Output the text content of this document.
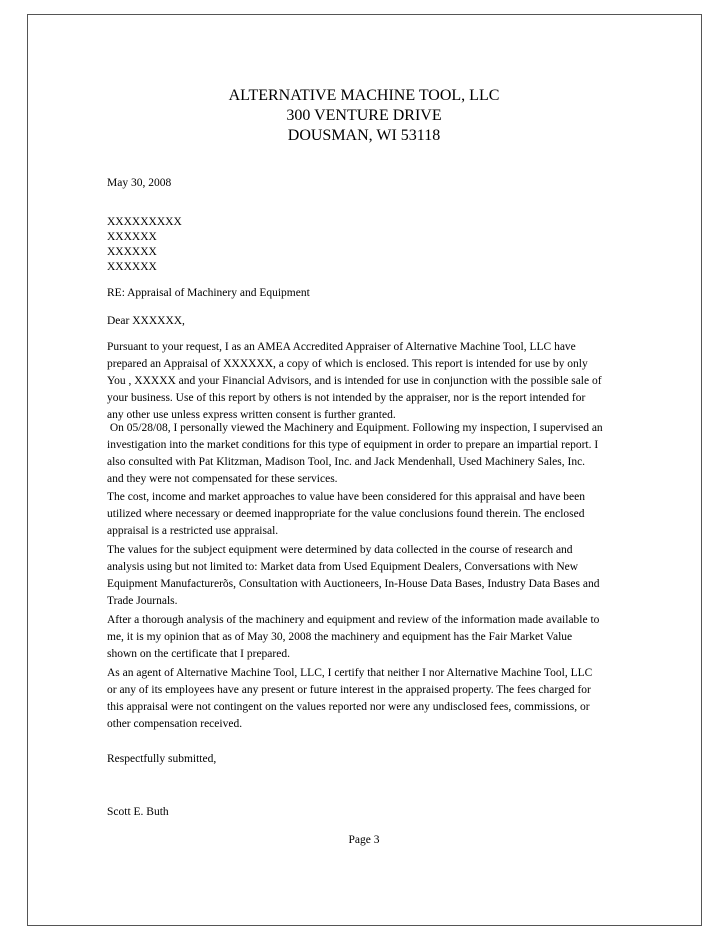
ALTERNATIVE MACHINE TOOL, LLC
300 VENTURE DRIVE
DOUSMAN, WI 53118
May 30, 2008
XXXXXXXXX
XXXXXX
XXXXXX
XXXXXX
RE: Appraisal of Machinery and Equipment
Dear XXXXXX,
Pursuant to your request, I as an AMEA Accredited Appraiser of Alternative Machine Tool, LLC have
prepared an Appraisal of XXXXXX, a copy of which is enclosed. This report is intended for use by only
You , XXXXX and your Financial Advisors, and is intended for use in conjunction with the possible sale of
your business. Use of this report by others is not intended by the appraiser, nor is the report intended for
any other use unless express written consent is further granted.
On 05/28/08, I personally viewed the Machinery and Equipment. Following my inspection, I supervised an
investigation into the market conditions for this type of equipment in order to prepare an impartial report. I
also consulted with Pat Klitzman, Madison Tool, Inc. and Jack Mendenhall, Used Machinery Sales, Inc.
and they were not compensated for these services.
The cost, income and market approaches to value have been considered for this appraisal and have been
utilized where necessary or deemed inappropriate for the value conclusions found therein. The enclosed
appraisal is a restricted use appraisal.
The values for the subject equipment were determined by data collected in the course of research and
analysis using but not limited to: Market data from Used Equipment Dealers, Conversations with New
Equipment Manufacturerõs, Consultation with Auctioneers, In-House Data Bases, Industry Data Bases and
Trade Journals.
After a thorough analysis of the machinery and equipment and review of the information made available to
me, it is my opinion that as of May 30, 2008 the machinery and equipment has the Fair Market Value
shown on the certificate that I prepared.
As an agent of Alternative Machine Tool, LLC, I certify that neither I nor Alternative Machine Tool, LLC
or any of its employees have any present or future interest in the appraised property. The fees charged for
this appraisal were not contingent on the values reported nor were any undisclosed fees, commissions, or
other compensation received.
Respectfully submitted,
Scott E. Buth
Page 3
